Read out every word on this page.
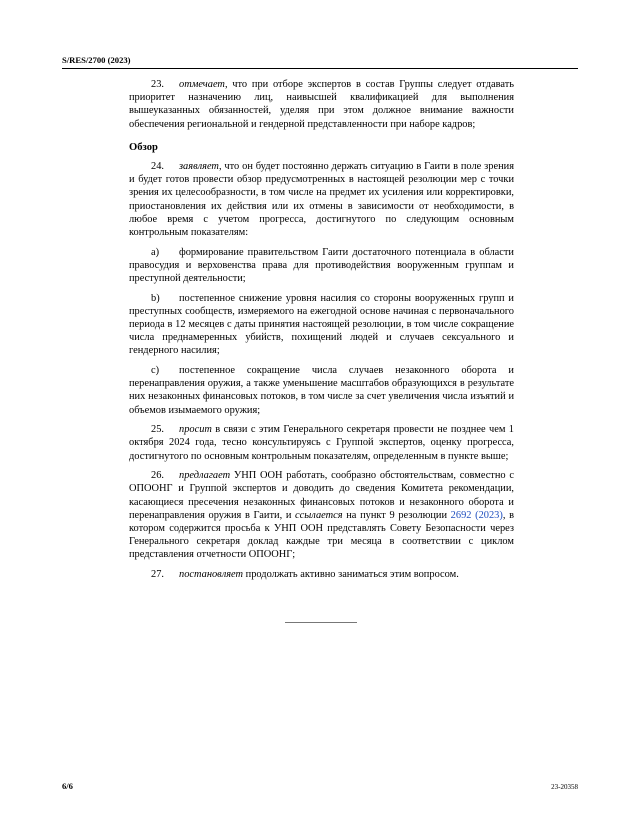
S/RES/2700 (2023)

23. отмечает, что при отборе экспертов в состав Группы следует отдавать приоритет назначению лиц, наивысшей квалификацией для выполнения вышеуказанных обязанностей, уделяя при этом должное внимание важности обеспечения региональной и гендерной представленности при наборе кадров;

Обзор

24. заявляет, что он будет постоянно держать ситуацию в Гаити в поле зрения и будет готов провести обзор предусмотренных в настоящей резолюции мер с точки зрения их целесообразности, в том числе на предмет их усиления или корректировки, приостановления их действия или их отмены в зависимости от необходимости, в любое время с учетом прогресса, достигнутого по следующим основным контрольным показателям:

a) формирование правительством Гаити достаточного потенциала в области правосудия и верховенства права для противодействия вооруженным группам и преступной деятельности;

b) постепенное снижение уровня насилия со стороны вооруженных групп и преступных сообществ, измеряемого на ежегодной основе начиная с первоначального периода в 12 месяцев с даты принятия настоящей резолюции, в том числе сокращение числа преднамеренных убийств, похищений людей и случаев сексуального и гендерного насилия;

c) постепенное сокращение числа случаев незаконного оборота и перенаправления оружия, а также уменьшение масштабов образующихся в результате них незаконных финансовых потоков, в том числе за счет увеличения числа изъятий и объемов изымаемого оружия;

25. просит в связи с этим Генерального секретаря провести не позднее чем 1 октября 2024 года, тесно консультируясь с Группой экспертов, оценку прогресса, достигнутого по основным контрольным показателям, определенным в пункте выше;

26. предлагает УНП ООН работать, сообразно обстоятельствам, совместно с ОПООНГ и Группой экспертов и доводить до сведения Комитета рекомендации, касающиеся пресечения незаконных финансовых потоков и незаконного оборота и перенаправления оружия в Гаити, и ссылается на пункт 9 резолюции 2692 (2023), в котором содержится просьба к УНП ООН представлять Совету Безопасности через Генерального секретаря доклад каждые три месяца в соответствии с циклом представления отчетности ОПООНГ;

27. постановляет продолжать активно заниматься этим вопросом.

6/6	23-20358
